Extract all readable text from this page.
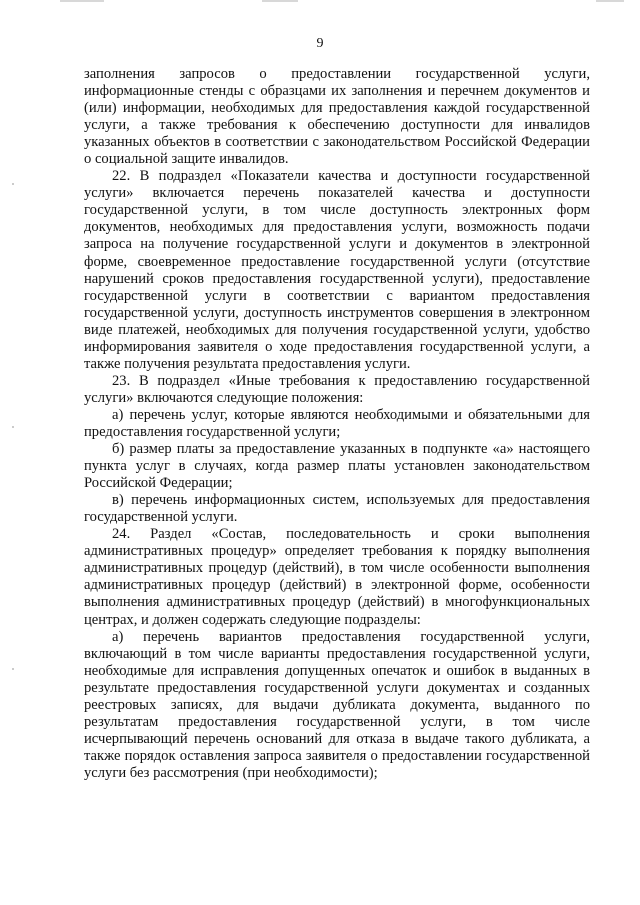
9

заполнения запросов о предоставлении государственной услуги, информационные стенды с образцами их заполнения и перечнем документов и (или) информации, необходимых для предоставления каждой государственной услуги, а также требования к обеспечению доступности для инвалидов указанных объектов в соответствии с законодательством Российской Федерации о социальной защите инвалидов.

22. В подраздел «Показатели качества и доступности государственной услуги» включается перечень показателей качества и доступности государственной услуги, в том числе доступность электронных форм документов, необходимых для предоставления услуги, возможность подачи запроса на получение государственной услуги и документов в электронной форме, своевременное предоставление государственной услуги (отсутствие нарушений сроков предоставления государственной услуги), предоставление государственной услуги в соответствии с вариантом предоставления государственной услуги, доступность инструментов совершения в электронном виде платежей, необходимых для получения государственной услуги, удобство информирования заявителя о ходе предоставления государственной услуги, а также получения результата предоставления услуги.

23. В подраздел «Иные требования к предоставлению государственной услуги» включаются следующие положения:

а) перечень услуг, которые являются необходимыми и обязательными для предоставления государственной услуги;

б) размер платы за предоставление указанных в подпункте «а» настоящего пункта услуг в случаях, когда размер платы установлен законодательством Российской Федерации;

в) перечень информационных систем, используемых для предоставления государственной услуги.

24. Раздел «Состав, последовательность и сроки выполнения административных процедур» определяет требования к порядку выполнения административных процедур (действий), в том числе особенности выполнения административных процедур (действий) в электронной форме, особенности выполнения административных процедур (действий) в многофункциональных центрах, и должен содержать следующие подразделы:

а) перечень вариантов предоставления государственной услуги, включающий в том числе варианты предоставления государственной услуги, необходимые для исправления допущенных опечаток и ошибок в выданных в результате предоставления государственной услуги документах и созданных реестровых записях, для выдачи дубликата документа, выданного по результатам предоставления государственной услуги, в том числе исчерпывающий перечень оснований для отказа в выдаче такого дубликата, а также порядок оставления запроса заявителя о предоставлении государственной услуги без рассмотрения (при необходимости);
